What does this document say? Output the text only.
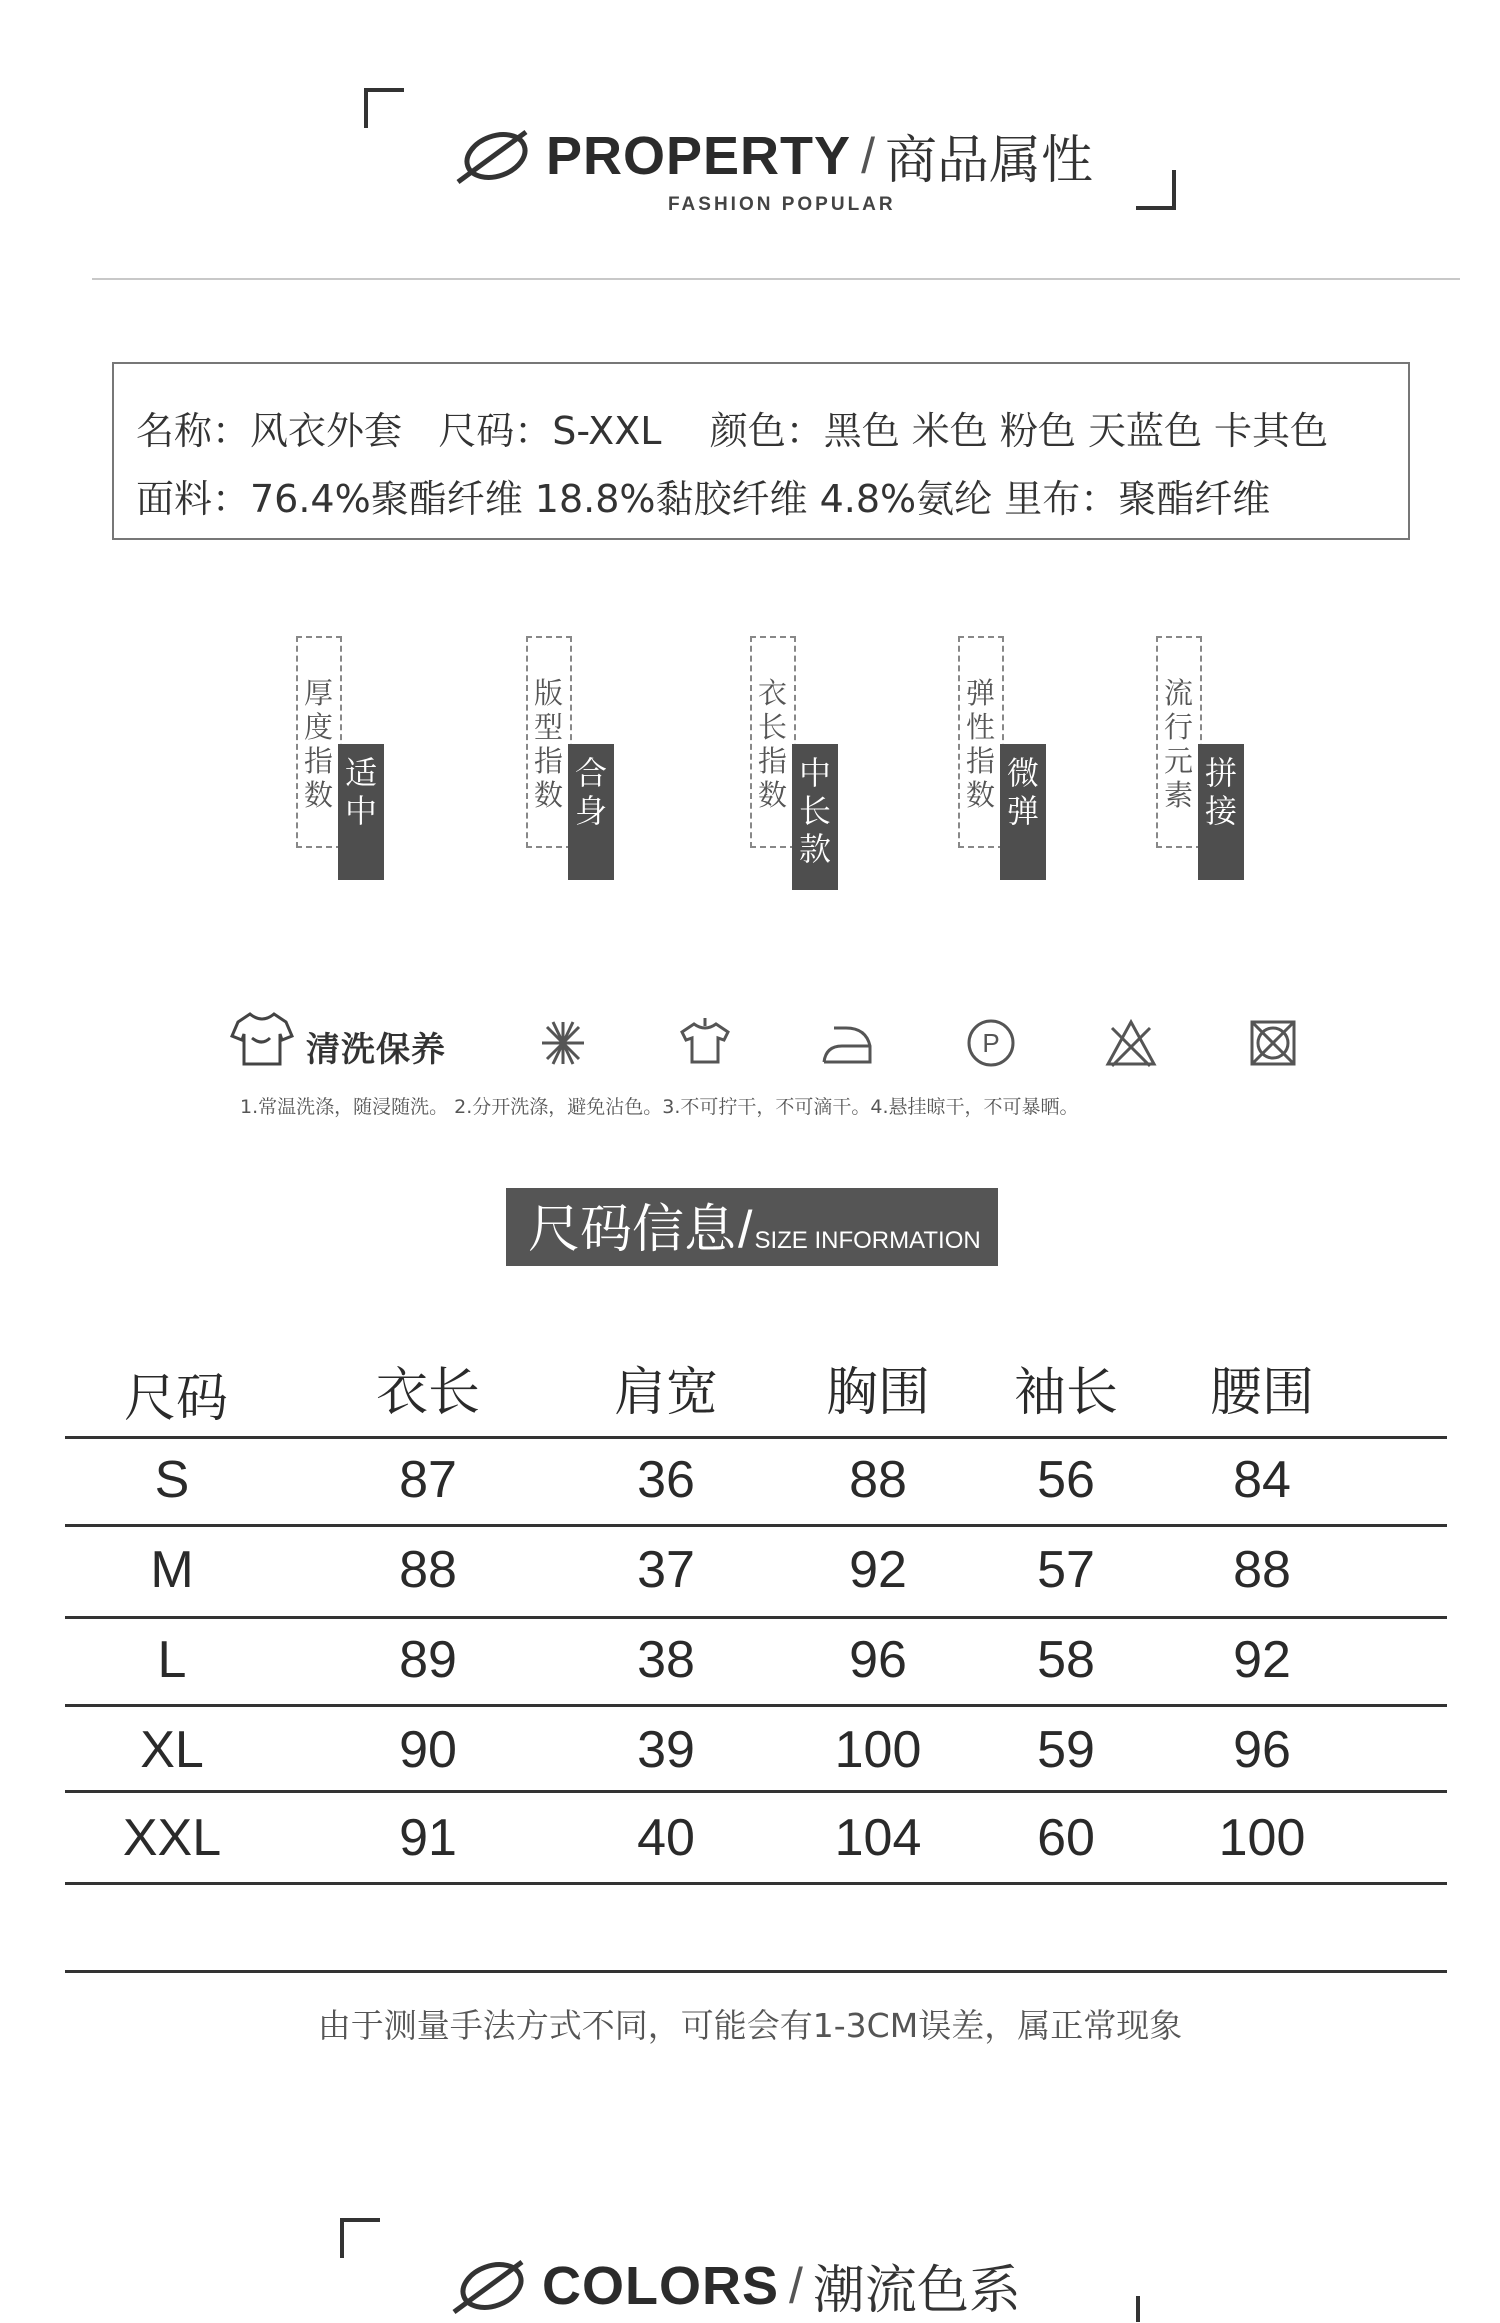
PROPERTY / 商品属性
FASHION POPULAR
名称：风衣外套   尺码：S-XXL    颜色：黑色 米色 粉色 天蓝色 卡其色
面料：76.4%聚酯纤维 18.8%黏胶纤维 4.8%氨纶 里布：聚酯纤维
厚度指数
适中
版型指数
合身
衣长指数
中长款
弹性指数
微弹
流行元素
拼接
清洗保养	P
1.常温洗涤，随浸随洗。 2.分开洗涤，避免沾色。3.不可拧干，不可滴干。4.悬挂晾干，不可暴晒。
尺码信息 / SIZE INFORMATION
尺码	衣长	肩宽 胸围 袖长 腰围
S	87	36	88	56	84
M	88	37	92	57	88
L	89	38	96	58	92
XL	90	39	100 59	96
XXL	91	40	104 60 100
由于测量手法方式不同，可能会有1-3CM误差，属正常现象
COLORS / 潮流色系
